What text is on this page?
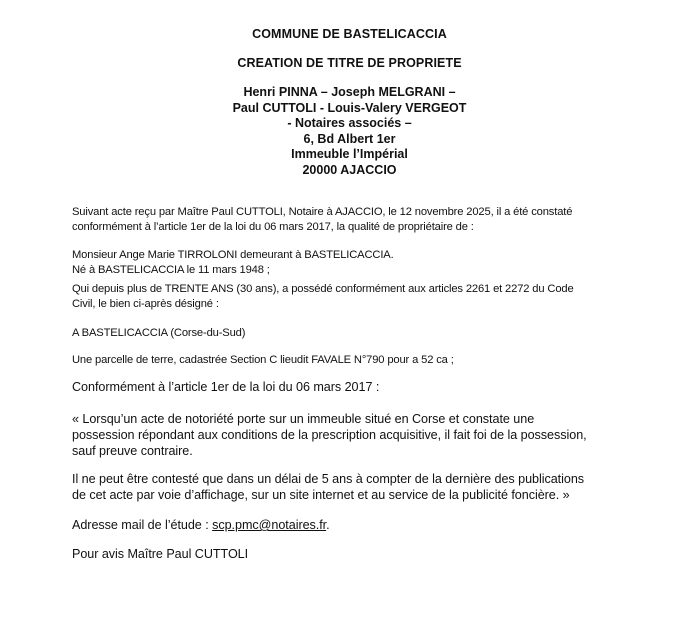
COMMUNE DE BASTELICACCIA
CREATION DE TITRE DE PROPRIETE
Henri PINNA – Joseph MELGRANI –
Paul CUTTOLI - Louis-Valery VERGEOT
- Notaires associés –
6, Bd Albert 1er
Immeuble l’Impérial
20000 AJACCIO
Suivant acte reçu par Maître Paul CUTTOLI, Notaire à AJACCIO, le 12 novembre 2025, il a été constaté
conformément à l’article 1er de la loi du 06 mars 2017, la qualité de propriétaire de :
Monsieur Ange Marie TIRROLONI demeurant à BASTELICACCIA.
Né à BASTELICACCIA le 11 mars 1948 ;
Qui depuis plus de TRENTE ANS (30 ans), a possédé conformément aux articles 2261 et 2272 du Code
Civil, le bien ci-après désigné :
A BASTELICACCIA (Corse-du-Sud)
Une parcelle de terre, cadastrée Section C lieudit FAVALE N°790 pour a 52 ca ;
Conformément à l’article 1er de la loi du 06 mars 2017 :
« Lorsqu’un acte de notoriété porte sur un immeuble situé en Corse et constate une
possession répondant aux conditions de la prescription acquisitive, il fait foi de la possession,
sauf preuve contraire.
Il ne peut être contesté que dans un délai de 5 ans à compter de la dernière des publications
de cet acte par voie d’affichage, sur un site internet et au service de la publicité foncière. »
Adresse mail de l’étude : scp.pmc@notaires.fr.
Pour avis Maître Paul CUTTOLI
